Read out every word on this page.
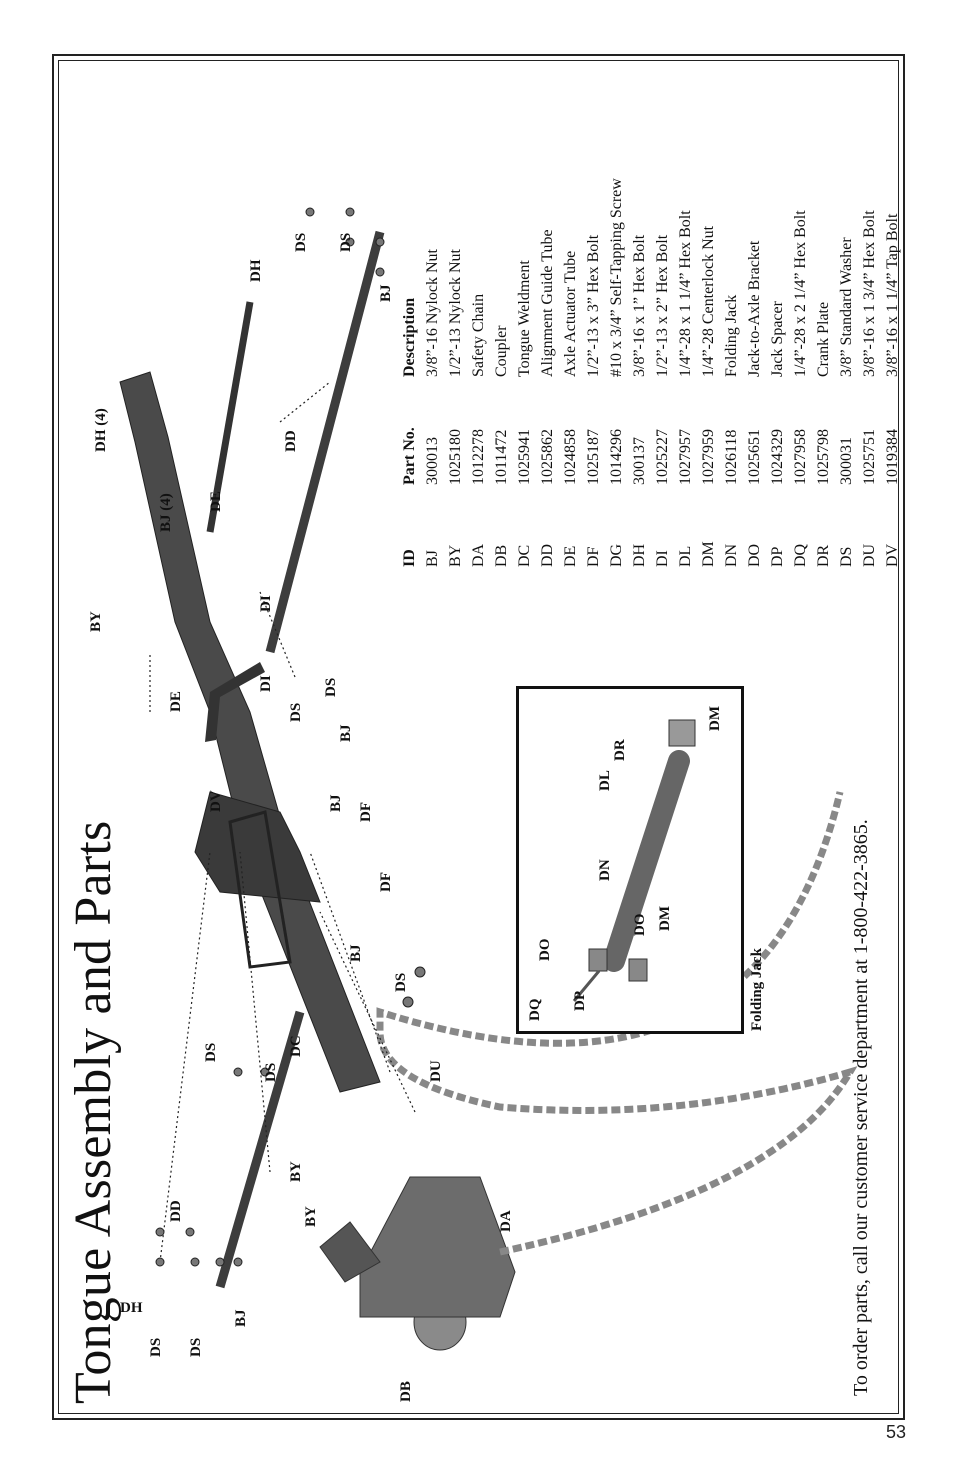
53
Tongue Assembly and Parts
DH
DS DS
BJ
DB
DD	BY
BY
DA
DS
DS
DC
DU
DS
BJ
DF
DF
DV	BJ
BJ
DE
DS
DS
DI
BY
DI
BJ (4) DE
DD
DH (4)
DH
DS DS
BJ
DQ DP
DO
DO DM
DN
DL
DR
DM
Folding Jack
ID
Part No.
Description
BJ
300013
3/8”-16 Nylock Nut
BY
1025180
1/2”-13 Nylock Nut
DA
1012278
Safety Chain
DB
1011472
Coupler
DC
1025941
Tongue Weldment
DD
1025862
Alignment Guide Tube
DE
1024858
Axle Actuator Tube
DF
1025187
1/2”-13 x 3” Hex Bolt
DG
1014296
#10 x 3/4” Self-Tapping Screw
DH
300137
3/8”-16 x 1” Hex Bolt
DI
1025227
1/2”-13 x 2” Hex Bolt
DL
1027957
1/4”-28 x 1 1/4” Hex Bolt
DM
1027959
1/4”-28 Centerlock Nut
DN
1026118
Folding Jack
DO
1025651
Jack-to-Axle Bracket
DP
1024329
Jack Spacer
DQ
1027958
1/4”-28 x 2 1/4” Hex Bolt
DR
1025798
Crank Plate
DS
300031
3/8” Standard Washer
DU
1025751
3/8”-16 x 1 3/4” Hex Bolt
DV
1019384
3/8”-16 x 1 1/4” Tap Bolt
To order parts, call our customer service department at 1-800-422-3865.
